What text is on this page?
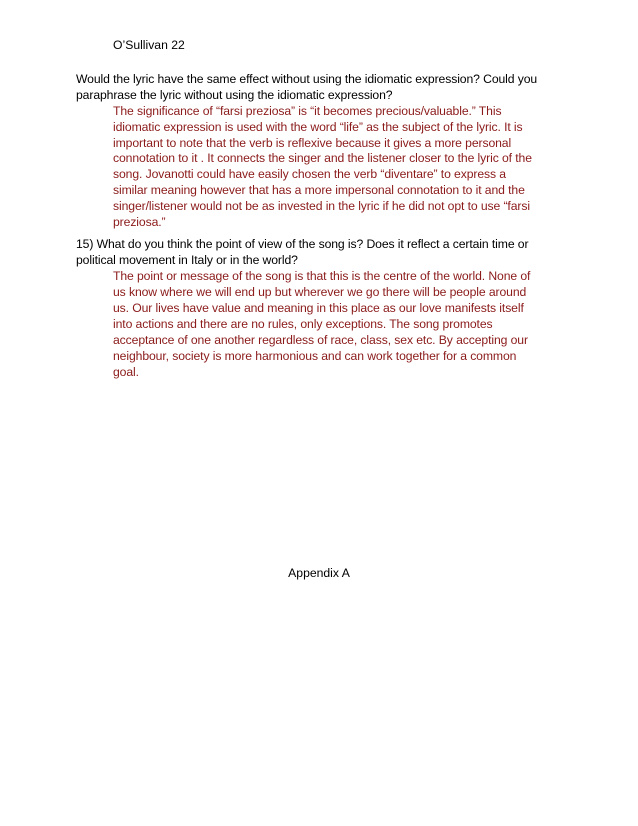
O’Sullivan 22
Would the lyric have the same effect without using the idiomatic expression? Could you
paraphrase the lyric without using the idiomatic expression?
The significance of “farsi preziosa” is “it becomes precious/valuable.” This
idiomatic expression is used with the word “life” as the subject of the lyric. It is
important to note that the verb is reflexive because it gives a more personal
connotation to it . It connects the singer and the listener closer to the lyric of the
song. Jovanotti could have easily chosen the verb “diventare” to express a
similar meaning however that has a more impersonal connotation to it and the
singer/listener would not be as invested in the lyric if he did not opt to use “farsi
preziosa.”
15) What do you think the point of view of the song is? Does it reflect a certain time or
political movement in Italy or in the world?
The point or message of the song is that this is the centre of the world. None of
us know where we will end up but wherever we go there will be people around
us. Our lives have value and meaning in this place as our love manifests itself
into actions and there are no rules, only exceptions. The song promotes
acceptance of one another regardless of race, class, sex etc. By accepting our
neighbour, society is more harmonious and can work together for a common
goal.
Appendix A
